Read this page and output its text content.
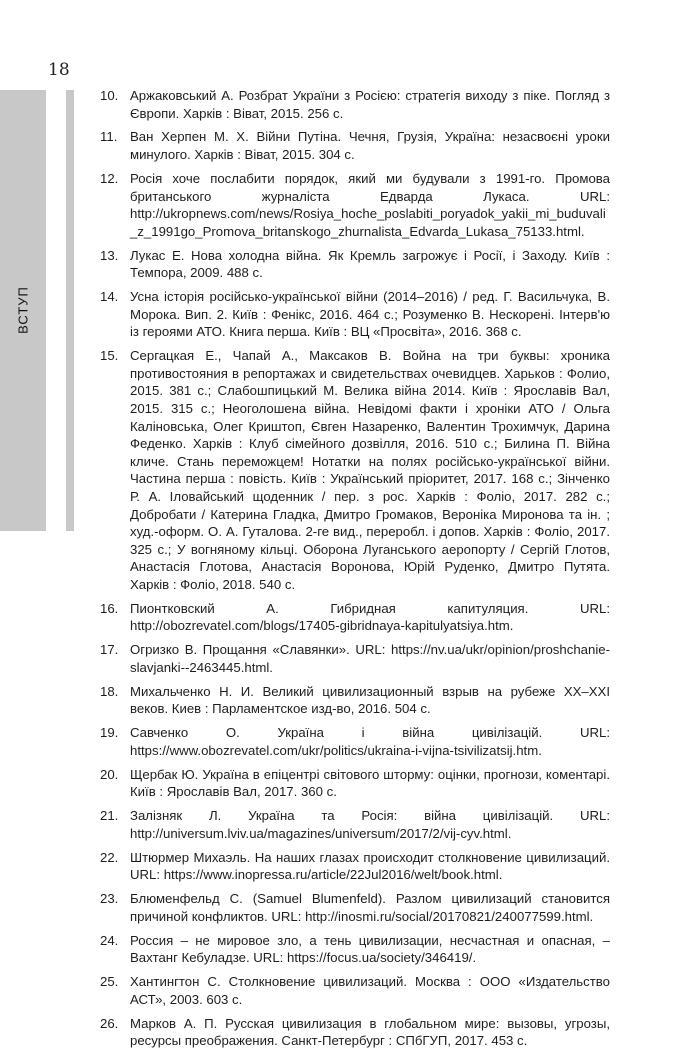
18
ВСТУП
10. Аржаковський А. Розбрат України з Росією: стратегія виходу з піке. Погляд з Європи. Харків : Віват, 2015. 256 с.
11. Ван Херпен М. Х. Війни Путіна. Чечня, Грузія, Україна: незасвоєні уроки минулого. Харків : Віват, 2015. 304 с.
12. Росія хоче послабити порядок, який ми будували з 1991-го. Промова британського журналіста Едварда Лукаса. URL: http://ukropnews.com/news/Rosiya_hoche_poslabiti_poryadok_yakii_mi_buduvali_z_1991go_Promova_britanskogo_zhurnalista_Edvarda_Lukasa_75133.html.
13. Лукас Е. Нова холодна війна. Як Кремль загрожує і Росії, і Заходу. Київ : Темпора, 2009. 488 с.
14. Усна історія російсько-української війни (2014–2016) / ред. Г. Васильчука, В. Морока. Вип. 2. Київ : Фенікс, 2016. 464 с.; Розуменко В. Нескорені. Інтерв'ю із героями АТО. Книга перша. Київ : ВЦ «Просвіта», 2016. 368 с.
15. Сергацкая Е., Чапай А., Максаков В. Война на три буквы: хроника противостояния в репортажах и свидетельствах очевидцев. Харьков : Фолио, 2015. 381 с.; Слабошпицький М. Велика війна 2014. Київ : Ярославів Вал, 2015. 315 с.; Неоголошена війна. Невідомі факти і хроніки АТО / Ольга Каліновська, Олег Криштоп, Євген Назаренко, Валентин Трохимчук, Дарина Феденко. Харків : Клуб сімейного дозвілля, 2016. 510 с.; Билина П. Війна кличе. Стань переможцем! Нотатки на полях російсько-української війни. Частина перша : повість. Київ : Український пріоритет, 2017. 168 с.; Зінченко Р. А. Іловайський щоденник / пер. з рос. Харків : Фоліо, 2017. 282 с.; Добробати / Катерина Гладка, Дмитро Громаков, Вероніка Миронова та ін. ; худ.-оформ. О. А. Гуталова. 2-ге вид., переробл. і допов. Харків : Фоліо, 2017. 325 с.; У вогняному кільці. Оборона Луганського аеропорту / Сергій Глотов, Анастасія Глотова, Анастасія Воронова, Юрій Руденко, Дмитро Путята. Харків : Фоліо, 2018. 540 с.
16. Пионтковский А. Гибридная капитуляция. URL: http://obozrevatel.com/blogs/17405-gibridnaya-kapitulyatsiya.htm.
17. Огризко В. Прощання «Славянки». URL: https://nv.ua/ukr/opinion/proshchanie-slavjanki--2463445.html.
18. Михальченко Н. И. Великий цивилизационный взрыв на рубеже XX–XXI веков. Киев : Парламентское изд-во, 2016. 504 с.
19. Савченко О. Україна і війна цивілізацій. URL: https://www.obozrevatel.com/ukr/politics/ukraina-i-vijna-tsivilizatsij.htm.
20. Щербак Ю. Україна в епіцентрі світового шторму: оцінки, прогнози, коментарі. Київ : Ярославів Вал, 2017. 360 с.
21. Залізняк Л. Україна та Росія: війна цивілізацій. URL: http://universum.lviv.ua/magazines/universum/2017/2/vij-cyv.html.
22. Штюрмер Михаэль. На наших глазах происходит столкновение цивилизаций. URL: https://www.inopressa.ru/article/22Jul2016/welt/book.html.
23. Блюменфельд С. (Samuel Blumenfeld). Разлом цивилизаций становится причиной конфликтов. URL: http://inosmi.ru/social/20170821/240077599.html.
24. Россия – не мировое зло, а тень цивилизации, несчастная и опасная, – Вахтанг Кебуладзе. URL: https://focus.ua/society/346419/.
25. Хантингтон С. Столкновение цивилизаций. Москва : ООО «Издательство АСТ», 2003. 603 с.
26. Марков А. П. Русская цивилизация в глобальном мире: вызовы, угрозы, ресурсы преображения. Санкт-Петербург : СПбГУП, 2017. 453 с.
